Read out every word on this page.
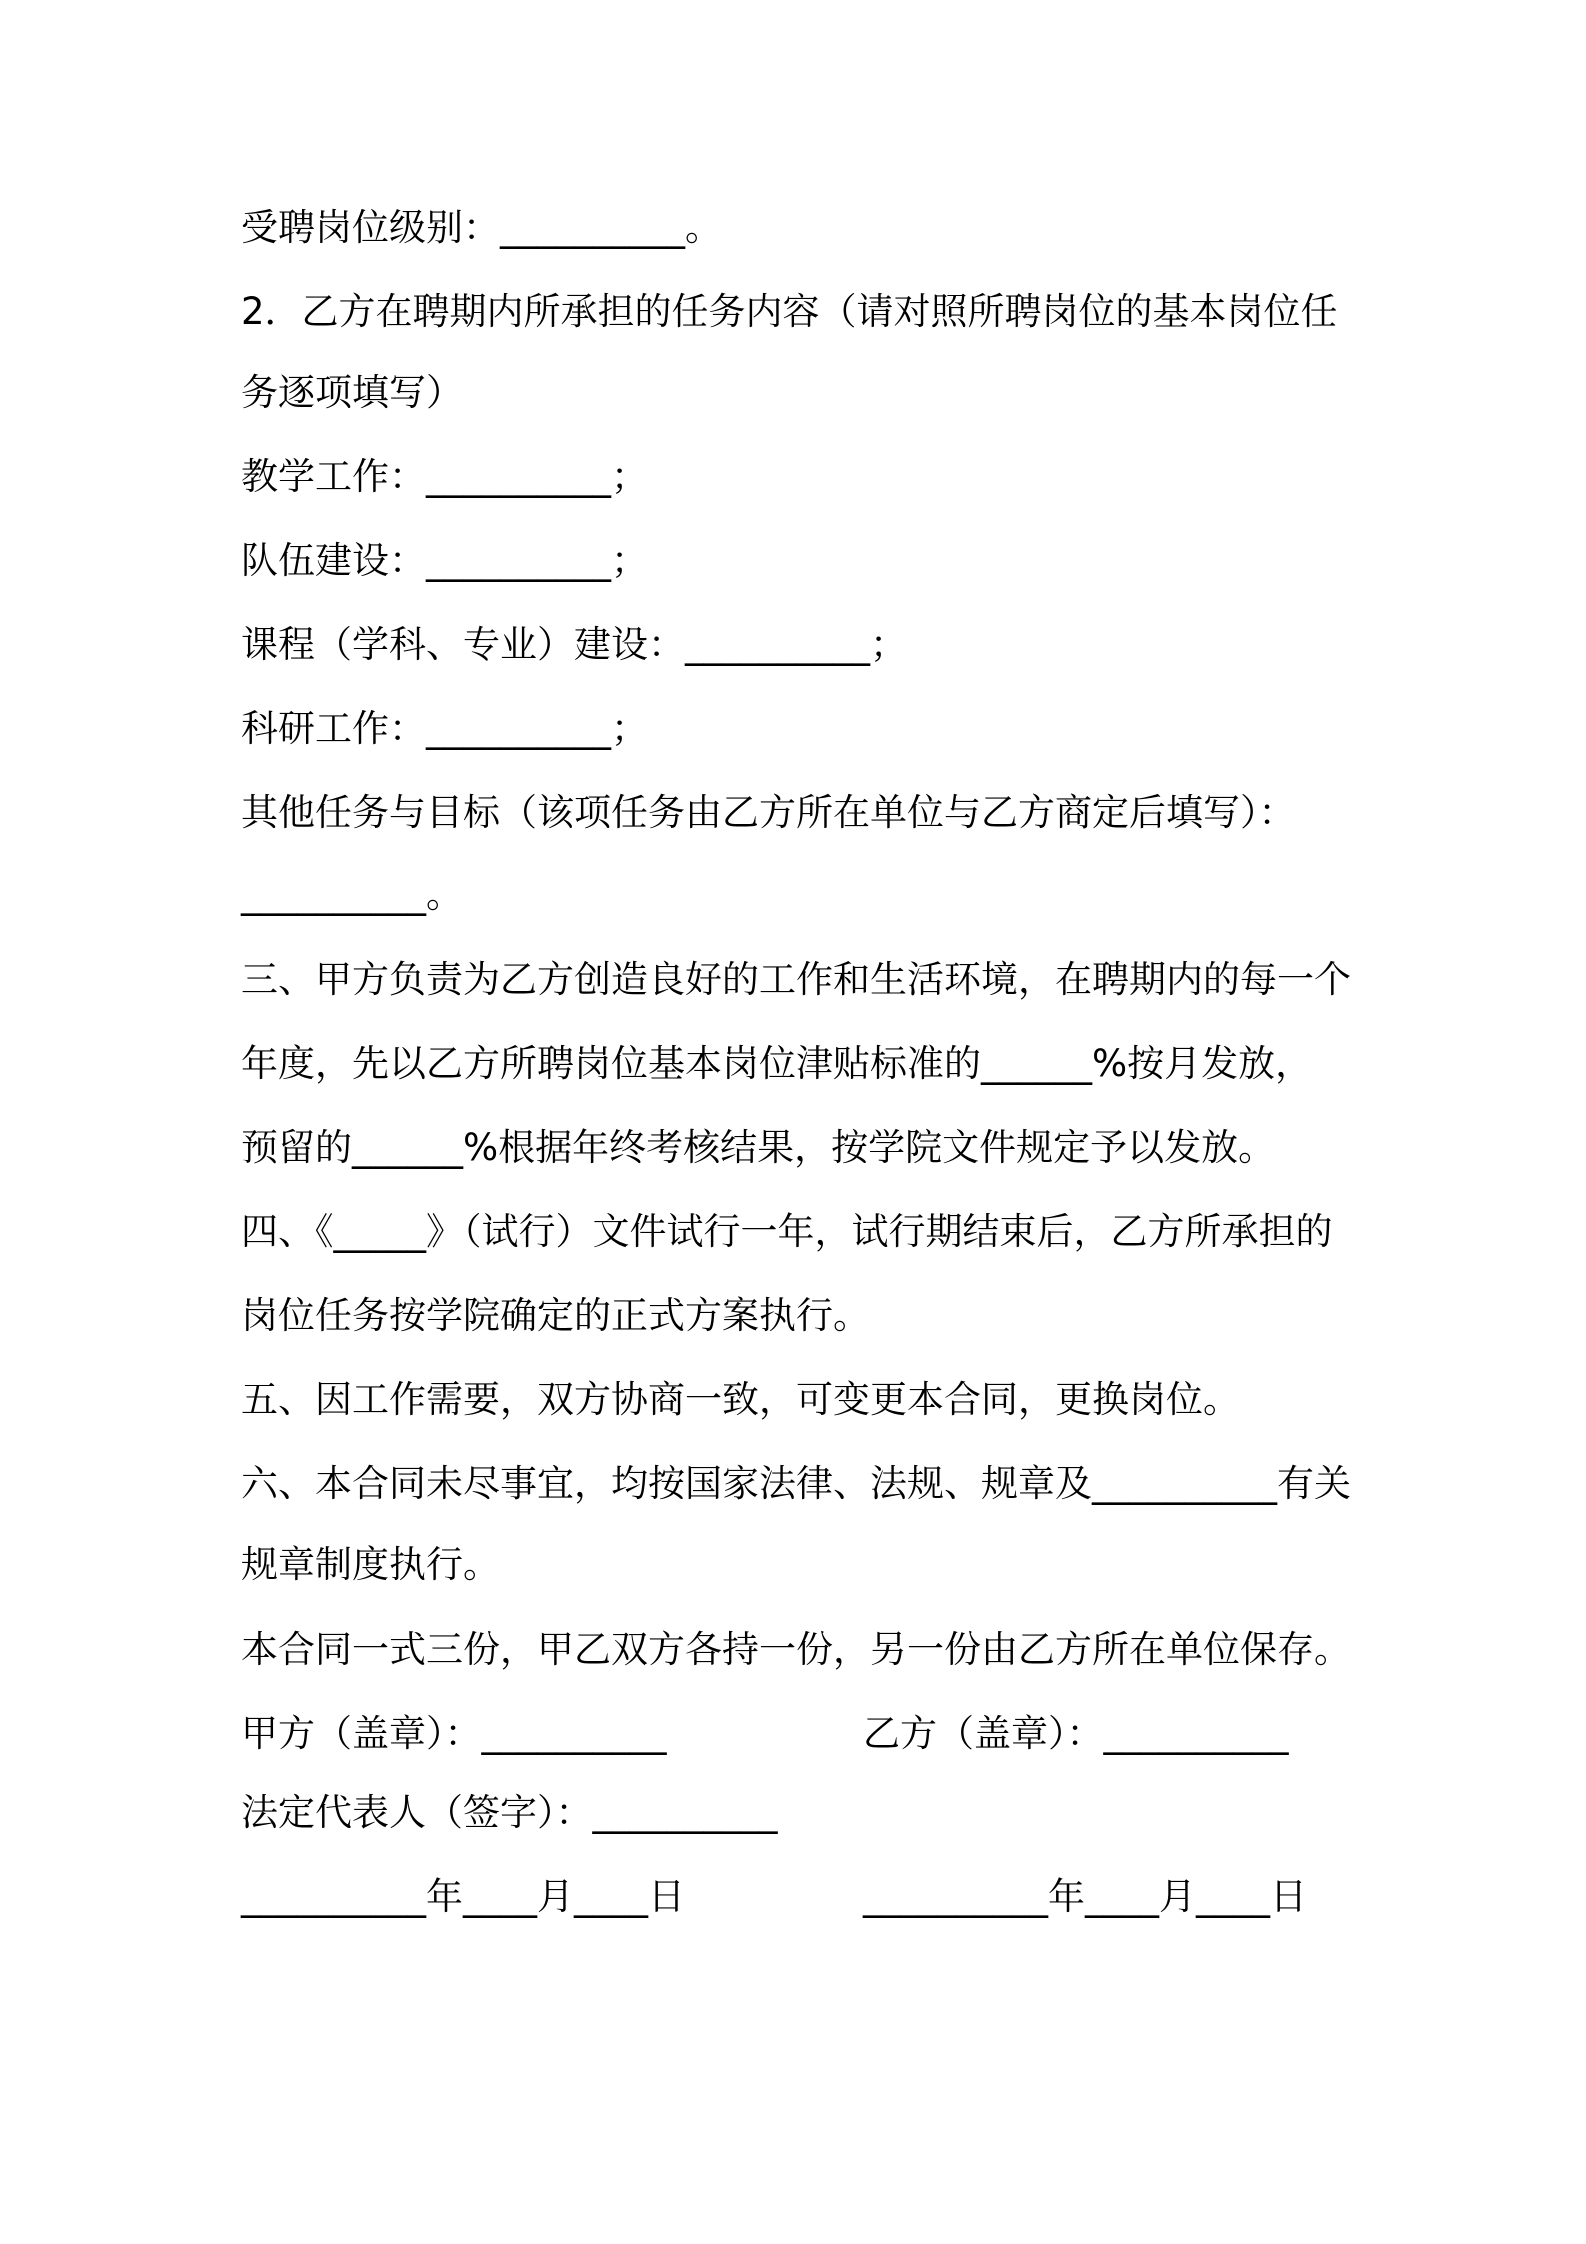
受聘岗位级别：__________。
2．乙方在聘期内所承担的任务内容（请对照所聘岗位的基本岗位任
务逐项填写）
教学工作：__________；
队伍建设：__________；
课程（学科、专业）建设：__________；
科研工作：__________；
其他任务与目标（该项任务由乙方所在单位与乙方商定后填写）：
__________。
三、甲方负责为乙方创造良好的工作和生活环境，在聘期内的每一个
年度，先以乙方所聘岗位基本岗位津贴标准的______%按月发放，
预留的______%根据年终考核结果，按学院文件规定予以发放。
四、《_____》（试行）文件试行一年，试行期结束后，乙方所承担的
岗位任务按学院确定的正式方案执行。
五、因工作需要，双方协商一致，可变更本合同，更换岗位。
六、本合同未尽事宜，均按国家法律、法规、规章及__________有关
规章制度执行。
本合同一式三份，甲乙双方各持一份，另一份由乙方所在单位保存。
甲方（盖章）：__________	乙方（盖章）：__________
法定代表人（签字）：__________
__________年____月____日	__________年____月____日
